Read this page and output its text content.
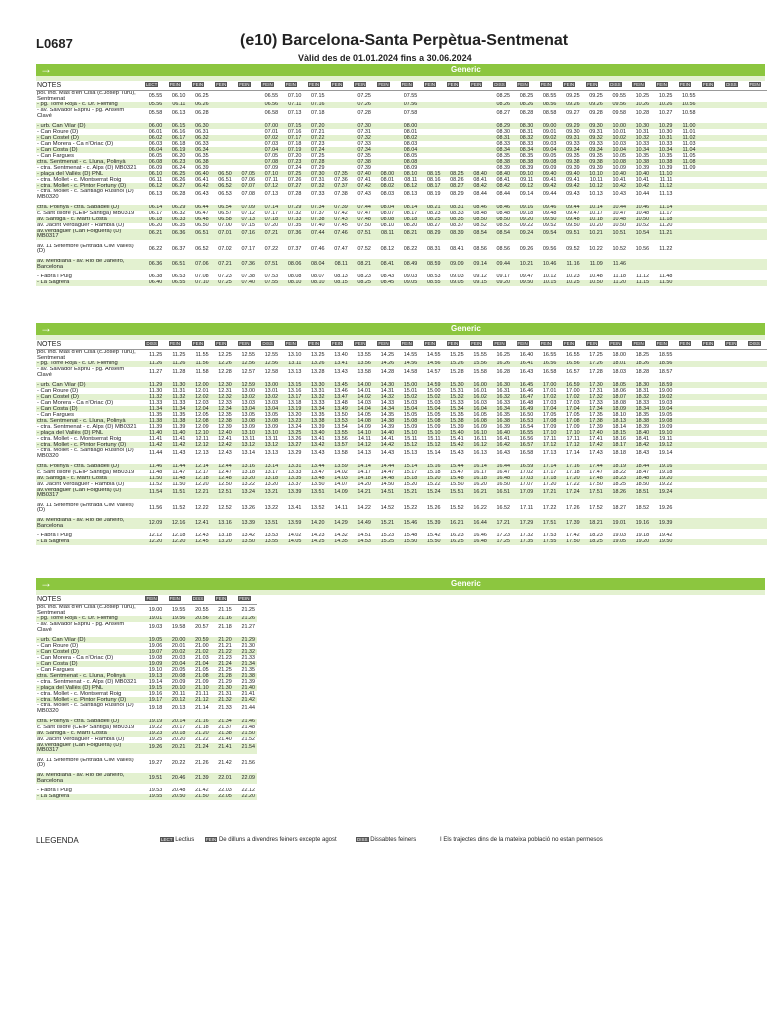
L0687	(e10) Barcelona-Santa Perpètua-Sentmenat
Vàlid des de 01.01.2024 fins a 30.06.2024
→	Generic
NOTES	LECT	FEIN	FEIN	FEIN	FEIN	FEIN	FEIN	FEIN	FEIN	FEIN	FEIN	FEIN	FEIN	FEIN	FEIN	DISS	FEIN	FEIN	FEIN	FEIN	DISS	FEIN	FEIN	FEIN	FEIN	DISS	FEIN
pol. ind. Mas d'en Cisa (c.Josep Turu), Sentmenat	05.55	06.10	06.25			06.55	07.10	07.15		07.25		07.55				08.25	08.25	08.55	09.25	09.25	09.55	10.25	10.25	10.55			
- pg. Torre Roja - c. Dr. Fleming	05.56	06.11	06.26			06.56	07.11	07.16		07.26		07.56				08.26	08.26	08.56	09.26	09.26	09.56	10.26	10.26	10.56			
- av. Salvador Espriu - pg. Anselm Clavé	05.58	06.13	06.28			06.58	07.13	07.18		07.28		07.58				08.27	08.28	08.58	09.27	09.28	09.58	10.28	10.27	10.58			

- urb. Can Vilar (D)	06.00	06.15	06.30			07.00	07.15	07.20		07.30		08.00				08.29	08.30	09.00	09.29	09.30	10.00	10.30	10.29	11.00			
- Can Roure (D)	06.01	06.16	06.31			07.01	07.16	07.21		07.31		08.01				08.30	08.31	09.01	09.30	09.31	10.01	10.31	10.30	11.01			
- Can Costel (D)	06.02	06.17	06.32			07.02	07.17	07.22		07.32		08.02				08.31	08.32	09.02	09.31	09.32	10.02	10.32	10.31	11.02			
- Can Morera - Ca n'Oriac (D)	06.03	06.18	06.33			07.03	07.18	07.23		07.33		08.03				08.33	08.33	09.03	09.33	09.33	10.03	10.33	10.33	11.03			
- Can Costa (D)	06.04	06.19	06.34			07.04	07.19	07.24		07.34		08.04				08.34	08.34	09.04	09.34	09.34	10.04	10.34	10.34	11.04			
- Can Fargues	06.05	06.20	06.35			07.05	07.20	07.25		07.35		08.05				08.35	08.35	09.05	09.35	09.35	10.05	10.35	10.35	11.05			
ctra. Sentmenat - c. Lluna, Polinyà	06.08	06.23	06.38			07.08	07.23	07.28		07.38		08.08				08.38	08.38	09.08	09.38	09.38	10.08	10.38	10.38	11.08			
- ctra. Sentmenat - c. Alps (D) MB0321	06.09	06.24	06.39			07.09	07.24	07.29		07.39		08.09				08.39	08.39	09.09	09.39	09.39	10.09	10.39	10.39	11.09			
- plaça del Vallès (D) PNL	06.10	06.25	06.40	06.50	07.05	07.10	07.25	07.30	07.35	07.40	08.00	08.10	08.15	08.25	08.40	08.40	09.10	09.40	09.40	10.10	10.40	10.40	11.10				
- ctra. Mollet - c. Montserrat Roig	06.11	06.26	06.41	06.51	07.06	07.11	07.26	07.31	07.36	07.41	08.01	08.11	08.16	08.26	08.41	08.41	09.11	09.41	09.41	10.11	10.41	10.41	11.11				
- ctra. Mollet - c. Pintor Fortuny (D)	06.12	06.27	06.42	06.52	07.07	07.12	07.27	07.32	07.37	07.42	08.02	08.12	08.17	08.27	08.42	08.42	09.12	09.42	09.42	10.12	10.42	10.42	11.12				
- ctra. Mollet - c. Santiago Rusiñol (D) MB0320	06.13	06.28	06.43	06.53	07.08	07.13	07.28	07.33	07.38	07.43	08.03	08.13	08.19	08.29	08.44	08.44	09.14	09.44	09.43	10.13	10.43	10.44	11.13				

ctra. Polinyà - ctra. Sabadell (D)	06.14	06.29	06.44	06.54	07.09	07.14	07.29	07.34	07.39	07.44	08.04	08.14	08.21	08.31	08.46	08.46	09.16	09.46	09.44	10.14	10.44	10.46	11.14				
c. Sant Isidre (CEIP Santiga) MB0319	06.17	06.32	06.47	06.57	07.12	07.17	07.32	07.37	07.42	07.47	08.07	08.17	08.23	08.33	08.48	08.48	09.18	09.48	09.47	10.17	10.47	10.48	11.17				
av. Santiga - c. Martí Costa	06.18	06.33	06.48	06.58	07.13	07.18	07.33	07.38	07.43	07.48	08.08	08.18	08.25	08.35	08.50	08.50	09.20	09.50	09.48	10.18	10.48	10.50	11.18				
av. Jacint Verdaguer - Rambla (D)	06.20	06.35	06.50	07.00	07.15	07.20	07.35	07.40	07.45	07.50	08.10	08.20	08.27	08.37	08.52	08.52	09.22	09.52	09.50	10.20	10.50	10.52	11.20				
av.Verdaguer (Can Folguera) (D) MB0317	06.21	06.36	06.51	07.01	07.16	07.21	07.36	07.44	07.46	07.51	08.11	08.21	08.29	08.39	08.54	08.54	09.24	09.54	09.51	10.21	10.51	10.54	11.21				

av. 11 Setembre (Entrada CIM Vallès) (D)	06.22	06.37	06.52	07.02	07.17	07.22	07.37	07.46	07.47	07.52	08.12	08.22	08.31	08.41	08.56	08.56	09.26	09.56	09.52	10.22	10.52	10.56	11.22				

av. Meridiana - av. Rio de Janeiro, Barcelona	06.36	06.51	07.06	07.21	07.36	07.51	08.06	08.04	08.11	08.21	08.41	08.49	08.59	09.09	09.14	09.44	10.21	10.46	11.16	11.09	11.46						

- Fabra i Puig	06.38	06.53	07.08	07.23	07.38	07.53	08.08	08.07	08.13	08.23	08.43	09.03	08.53	09.03	09.12	09.17	09.47	10.12	10.23	10.48	11.18	11.12	11.48				
- La Sagrera	06.40	06.55	07.10	07.25	07.40	07.55	08.10	08.10	08.15	08.25	08.45	09.05	08.55	09.05	09.15	09.20	09.50	10.15	10.25	10.50	11.20	11.15	11.50				
→	Generic
NOTES	DISS	FEIN	FEIN	FEIN	FEIN	DISS	FEIN	FEIN	FEIN	FEIN	FEIN	FEIN	FEIN	FEIN	FEIN	FEIN	FEIN	FEIN	FEIN	FEIN	FEIN	FEIN	FEIN	FEIN	FEIN	FEIN	DISS
pol. ind. Mas d'en Cisa (c.Josep Turu), Sentmenat	11.25	11.25	11.55	12.25	12.55	12.55	13.10	13.25	13.40	13.55	14.25	14.55	14.55	15.25	15.55	16.25	16.40	16.55	16.55	17.25	18.00	18.25	18.55				
- pg. Torre Roja - c. Dr. Fleming	11.26	11.26	11.56	12.26	12.56	12.56	13.11	13.26	13.41	13.56	14.26	14.56	14.56	15.26	15.56	16.26	16.41	16.56	16.56	17.26	18.01	18.26	18.56				
- av. Salvador Espriu - pg. Anselm Clavé	11.27	11.28	11.58	12.28	12.57	12.58	13.13	13.28	13.43	13.58	14.28	14.58	14.57	15.28	15.58	16.28	16.43	16.58	16.57	17.28	18.03	18.28	18.57				

- urb. Can Vilar (D)	11.29	11.30	12.00	12.30	12.59	13.00	13.15	13.30	13.45	14.00	14.30	15.00	14.59	15.30	16.00	16.30	16.45	17.00	16.59	17.30	18.05	18.30	18.59				
- Can Roure (D)	11.30	11.31	12.01	12.31	13.00	13.01	13.16	13.31	13.46	14.01	14.31	15.01	15.00	15.31	16.01	16.31	16.46	17.01	17.00	17.31	18.06	18.31	19.00				
- Can Costel (D)	11.32	11.32	12.02	12.32	13.02	13.02	13.17	13.32	13.47	14.02	14.32	15.02	15.02	15.32	16.02	16.32	16.47	17.02	17.02	17.32	18.07	18.32	19.02				
- Can Morera - Ca n'Oriac (D)	11.33	11.33	12.03	12.33	13.03	13.03	13.18	13.33	13.48	14.03	14.33	15.03	15.03	15.33	16.03	16.33	16.48	17.03	17.03	17.33	18.08	18.33	19.03				
- Can Costa (D)	11.34	11.34	12.04	12.34	13.04	13.04	13.19	13.34	13.49	14.04	14.34	15.04	15.04	15.34	16.04	16.34	16.49	17.04	17.04	17.34	18.09	18.34	19.04				
- Can Fargues	11.35	11.35	12.05	12.35	13.05	13.05	13.20	13.35	13.50	14.05	14.35	15.05	15.05	15.35	16.05	16.35	16.50	17.05	17.05	17.35	18.10	18.35	19.05				
ctra. Sentmenat - c. Lluna, Polinyà	11.38	11.38	12.08	12.38	13.08	13.08	13.23	13.38	13.53	14.08	14.38	15.08	15.08	15.38	16.08	16.38	16.53	17.08	17.08	17.38	18.13	18.38	19.08				
- ctra. Sentmenat - c. Alps (D) MB0321	11.39	11.39	12.09	12.39	13.09	13.09	13.24	13.39	13.54	14.09	14.39	15.09	15.09	15.39	16.09	16.39	16.54	17.09	17.09	17.39	18.14	18.39	19.09				
- plaça del Vallès (D) PNL	11.40	11.40	12.10	12.40	13.10	13.10	13.25	13.40	13.55	14.10	14.40	15.10	15.10	15.40	16.10	16.40	16.55	17.10	17.10	17.40	18.15	18.40	19.10				
- ctra. Mollet - c. Montserrat Roig	11.41	11.41	12.11	12.41	13.11	13.11	13.26	13.41	13.56	14.11	14.41	15.11	15.11	15.41	16.11	16.41	16.56	17.11	17.11	17.41	18.16	18.41	19.11				
- ctra. Mollet - c. Pintor Fortuny (D)	11.42	11.42	12.12	12.42	13.12	13.12	13.27	13.42	13.57	14.12	14.42	15.12	15.12	15.42	16.12	16.42	16.57	17.12	17.12	17.42	18.17	18.42	19.12				
- ctra. Mollet - c. Santiago Rusiñol (D) MB0320	11.44	11.43	12.13	12.43	13.14	13.13	13.29	13.43	13.58	14.13	14.43	15.13	15.14	15.43	16.13	16.43	16.58	17.13	17.14	17.43	18.18	18.43	19.14				

ctra. Polinyà - ctra. Sabadell (D)	11.46	11.44	12.14	12.44	13.16	13.14	13.31	13.44	13.59	14.14	14.44	15.14	15.16	15.44	16.14	16.44	16.59	17.14	17.16	17.44	18.19	18.44	19.16				
c. Sant Isidre (CEIP Santiga) MB0319	11.48	11.47	12.17	12.47	13.18	13.17	13.33	13.47	14.02	14.17	14.47	15.17	15.18	15.47	16.17	16.47	17.02	17.17	17.18	17.47	18.22	18.47	19.18				
av. Santiga - c. Martí Costa	11.50	11.48	12.18	12.48	13.20	13.18	13.35	13.48	14.03	14.18	14.48	15.18	15.20	15.48	16.18	16.48	17.03	17.18	17.20	17.48	18.23	18.48	19.20				
av. Jacint Verdaguer - Rambla (D)	11.52	11.50	12.20	12.50	13.22	13.20	13.37	13.50	14.07	14.20	14.50	15.20	15.22	15.50	16.20	16.50	17.07	17.20	17.22	17.50	18.25	18.50	19.22				
av.Verdaguer (Can Folguera) (D) MB0317	11.54	11.51	12.21	12.51	13.24	13.21	13.39	13.51	14.09	14.21	14.51	15.21	15.24	15.51	16.21	16.51	17.09	17.21	17.24	17.51	18.26	18.51	19.24				

av. 11 Setembre (Entrada CIM Vallès) (D)	11.56	11.52	12.22	12.52	13.26	13.22	13.41	13.52	14.11	14.22	14.52	15.22	15.26	15.52	16.22	16.52	17.11	17.22	17.26	17.52	18.27	18.52	19.26				

av. Meridiana - av. Rio de Janeiro, Barcelona	12.09	12.16	12.41	13.16	13.39	13.51	13.59	14.20	14.29	14.49	15.21	15.46	15.39	16.21	16.44	17.21	17.29	17.51	17.39	18.21	19.01	19.16	19.39				

- Fabra i Puig	12.12	12.18	12.43	13.18	13.42	13.53	14.02	14.23	14.32	14.51	15.23	15.48	15.42	16.23	16.46	17.23	17.32	17.53	17.42	18.23	19.03	19.18	19.42				
- La Sagrera	12.20	12.20	12.45	13.20	13.50	13.55	14.05	14.25	14.35	14.53	15.25	15.50	15.50	16.25	16.48	17.25	17.35	17.55	17.50	18.25	19.05	19.20	19.50				
→	Generic
NOTES	FEIN	FEIN	DISS	FEIN	FEIN
pol. ind. Mas d'en Cisa (c.Josep Turu), Sentmenat	19.00	19.55	20.55	21.15	21.25
- pg. Torre Roja - c. Dr. Fleming	19.01	19.56	20.56	21.16	21.26
- av. Salvador Espriu - pg. Anselm Clavé	19.03	19.58	20.57	21.18	21.27

- urb. Can Vilar (D)	19.05	20.00	20.59	21.20	21.29
- Can Roure (D)	19.06	20.01	21.00	21.21	21.30
- Can Costel (D)	19.07	20.02	21.02	21.22	21.32
- Can Morera - Ca n'Oriac (D)	19.08	20.03	21.03	21.23	21.33
- Can Costa (D)	19.09	20.04	21.04	21.24	21.34
- Can Fargues	19.10	20.05	21.05	21.25	21.35
ctra. Sentmenat - c. Lluna, Polinyà	19.13	20.08	21.08	21.28	21.38
- ctra. Sentmenat - c. Alps (D) MB0321	19.14	20.09	21.09	21.29	21.39
- plaça del Vallès (D) PNL	19.15	20.10	21.10	21.30	21.40
- ctra. Mollet - c. Montserrat Roig	19.16	20.11	21.11	21.31	21.41
- ctra. Mollet - c. Pintor Fortuny (D)	19.17	20.12	21.12	21.32	21.42
- ctra. Mollet - c. Santiago Rusiñol (D) MB0320	19.18	20.13	21.14	21.33	21.44

ctra. Polinyà - ctra. Sabadell (D)	19.19	20.14	21.16	21.34	21.46
c. Sant Isidre (CEIP Santiga) MB0319	19.22	20.17	21.18	21.37	21.48
av. Santiga - c. Martí Costa	19.23	20.18	21.20	21.38	21.50
av. Jacint Verdaguer - Rambla (D)	19.25	20.20	21.22	21.40	21.52
av.Verdaguer (Can Folguera) (D) MB0317	19.26	20.21	21.24	21.41	21.54

av. 11 Setembre (Entrada CIM Vallès) (D)	19.27	20.22	21.26	21.42	21.56

av. Meridiana - av. Rio de Janeiro, Barcelona	19.51	20.46	21.39	22.01	22.09

- Fabra i Puig	19.53	20.48	21.42	22.03	22.12
- La Sagrera	19.55	20.50	21.50	22.05	22.20
LLEGENDA	LECT Lectius	FEIN De dilluns a divendres feiners excepte agost	DISS Dissabtes feiners	I Els trajectes dins de la mateixa població no estan permesos
